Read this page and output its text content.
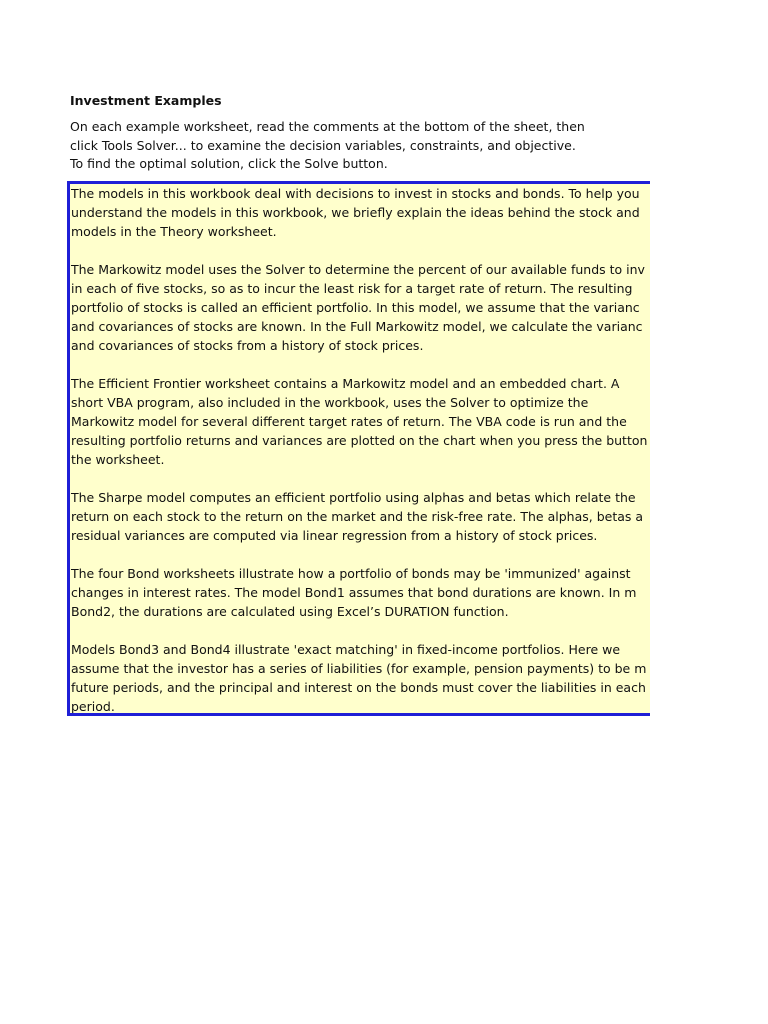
Investment Examples
On each example worksheet, read the comments at the bottom of the sheet, then
click Tools Solver... to examine the decision variables, constraints, and objective.
To find the optimal solution, click the Solve button.
The models in this workbook deal with decisions to invest in stocks and bonds. To help you
understand the models in this workbook, we briefly explain the ideas behind the stock and
models in the Theory worksheet.
The Markowitz model uses the Solver to determine the percent of our available funds to inv
in each of five stocks, so as to incur the least risk for a target rate of return. The resulting
portfolio of stocks is called an efficient portfolio. In this model, we assume that the varianc
and covariances of stocks are known. In the Full Markowitz model, we calculate the varianc
and covariances of stocks from a history of stock prices.
The Efficient Frontier worksheet contains a Markowitz model and an embedded chart. A
short VBA program, also included in the workbook, uses the Solver to optimize the
Markowitz model for several different target rates of return. The VBA code is run and the
resulting portfolio returns and variances are plotted on the chart when you press the button
the worksheet.
The Sharpe model computes an efficient portfolio using alphas and betas which relate the
return on each stock to the return on the market and the risk-free rate. The alphas, betas a
residual variances are computed via linear regression from a history of stock prices.
The four Bond worksheets illustrate how a portfolio of bonds may be 'immunized' against
changes in interest rates. The model Bond1 assumes that bond durations are known. In m
Bond2, the durations are calculated using Excel’s DURATION function.
Models Bond3 and Bond4 illustrate 'exact matching' in fixed-income portfolios. Here we
assume that the investor has a series of liabilities (for example, pension payments) to be m
future periods, and the principal and interest on the bonds must cover the liabilities in each
period.
